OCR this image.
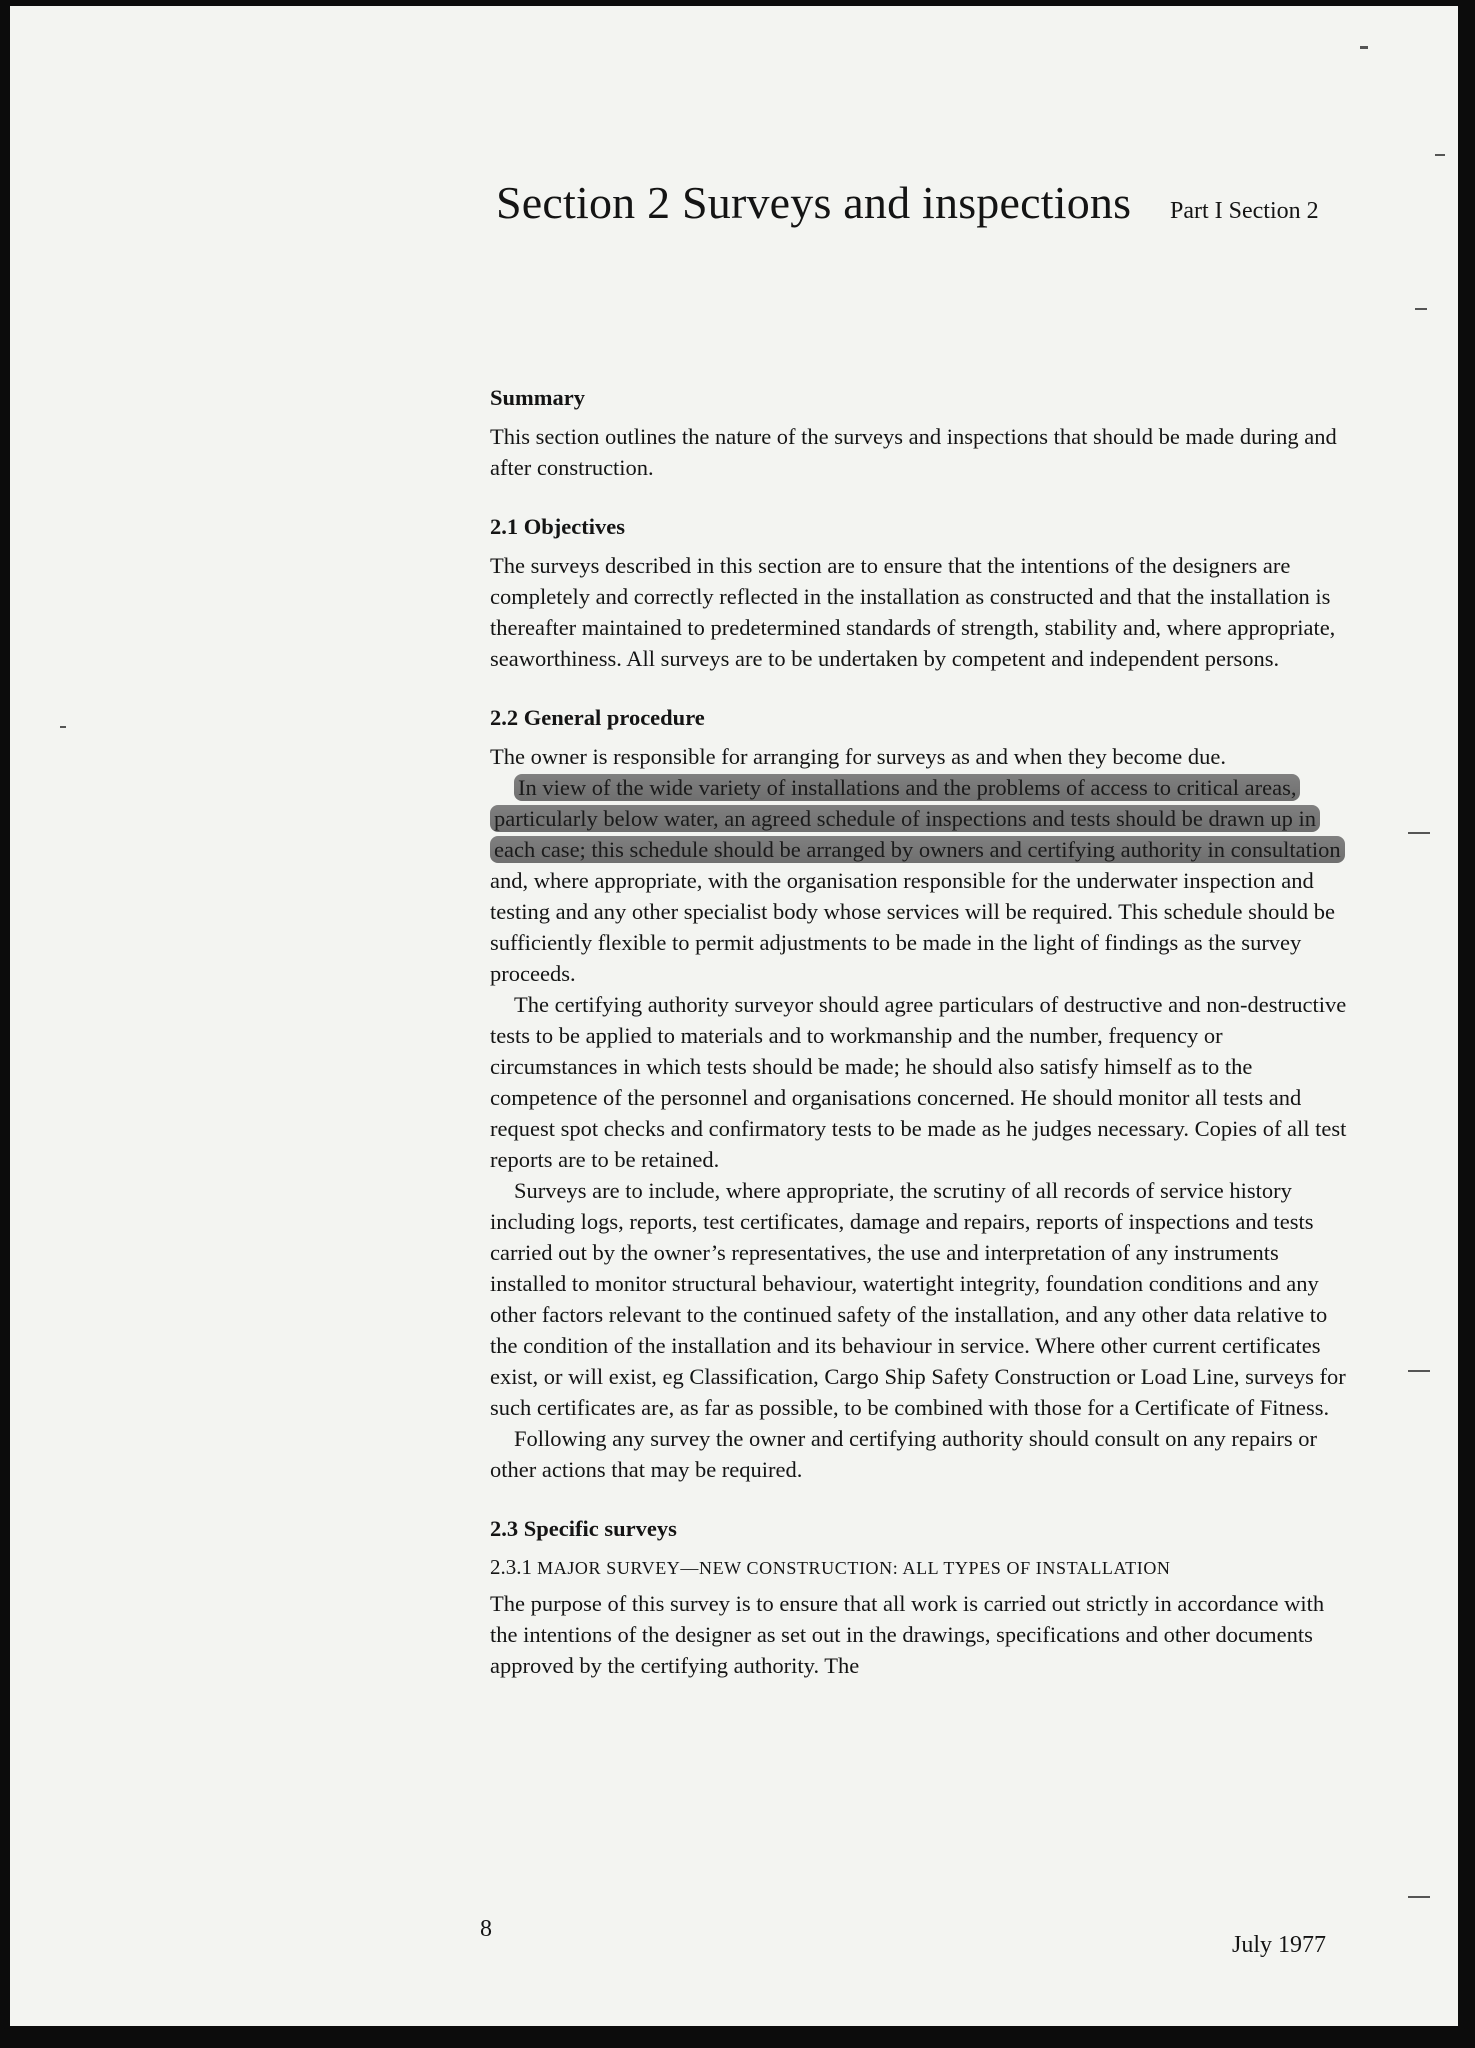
Section 2 Surveys and inspections Part I Section 2

Summary

This section outlines the nature of the surveys and inspections that should be made during and after construction.

2.1 Objectives

The surveys described in this section are to ensure that the intentions of the designers are completely and correctly reflected in the installation as constructed and that the installation is thereafter maintained to predetermined standards of strength, stability and, where appropriate, seaworthiness. All surveys are to be undertaken by competent and independent persons.

2.2 General procedure

The owner is responsible for arranging for surveys as and when they become due.

In view of the wide variety of installations and the problems of access to critical areas, particularly below water, an agreed schedule of inspections and tests should be drawn up in each case; this schedule should be arranged by owners and certifying authority in consultation and, where appropriate, with the organisation responsible for the underwater inspection and testing and any other specialist body whose services will be required. This schedule should be sufficiently flexible to permit adjustments to be made in the light of findings as the survey proceeds.

The certifying authority surveyor should agree particulars of destructive and non-destructive tests to be applied to materials and to workmanship and the number, frequency or circumstances in which tests should be made; he should also satisfy himself as to the competence of the personnel and organisations concerned. He should monitor all tests and request spot checks and confirmatory tests to be made as he judges necessary. Copies of all test reports are to be retained.

Surveys are to include, where appropriate, the scrutiny of all records of service history including logs, reports, test certificates, damage and repairs, reports of inspections and tests carried out by the owner’s representatives, the use and interpretation of any instruments installed to monitor structural behaviour, watertight integrity, foundation conditions and any other factors relevant to the continued safety of the installation, and any other data relative to the condition of the installation and its behaviour in service. Where other current certificates exist, or will exist, eg Classification, Cargo Ship Safety Construction or Load Line, surveys for such certificates are, as far as possible, to be combined with those for a Certificate of Fitness.

Following any survey the owner and certifying authority should consult on any repairs or other actions that may be required.

2.3 Specific surveys

2.3.1 MAJOR SURVEY—NEW CONSTRUCTION: ALL TYPES OF INSTALLATION

The purpose of this survey is to ensure that all work is carried out strictly in accordance with the intentions of the designer as set out in the drawings, specifications and other documents approved by the certifying authority. The

8

July 1977
